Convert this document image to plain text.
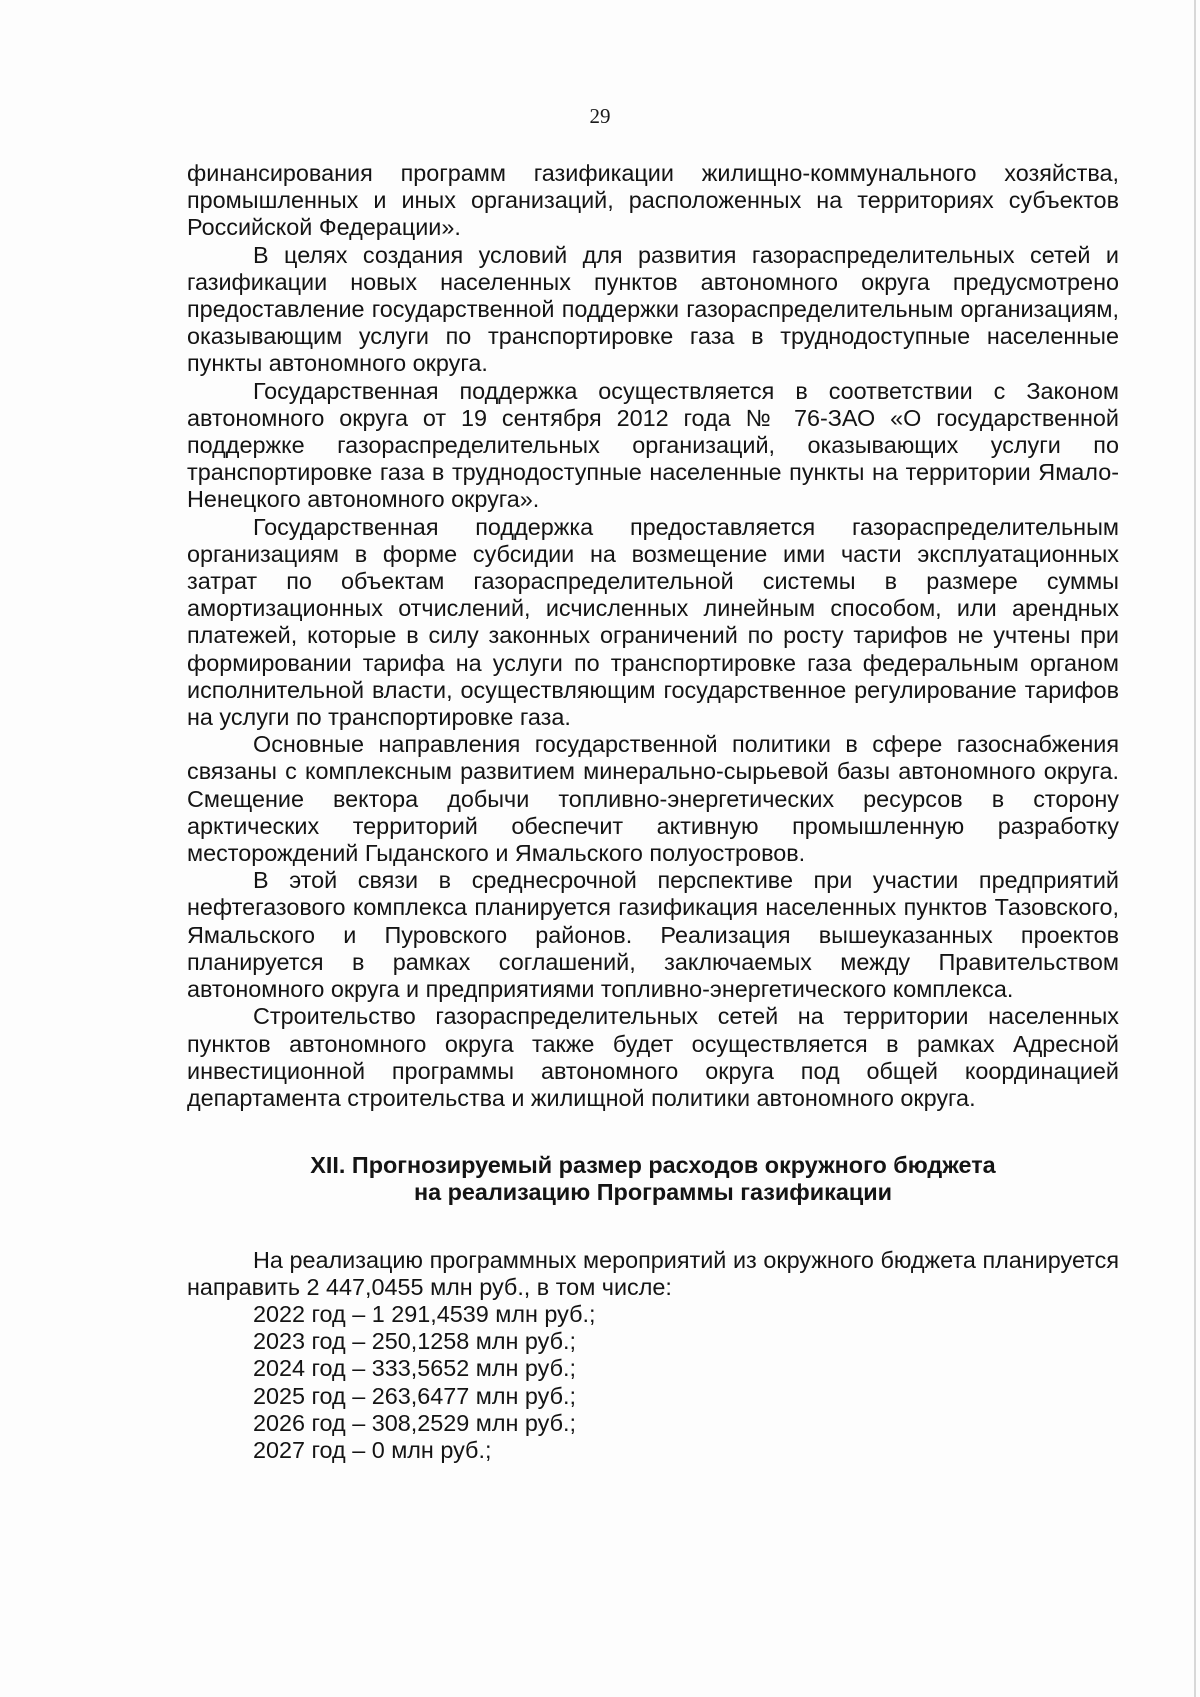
29

финансирования программ газификации жилищно-коммунального хозяйства, промышленных и иных организаций, расположенных на территориях субъектов Российской Федерации».

В целях создания условий для развития газораспределительных сетей и газификации новых населенных пунктов автономного округа предусмотрено предоставление государственной поддержки газораспределительным организациям, оказывающим услуги по транспортировке газа в труднодоступные населенные пункты автономного округа.

Государственная поддержка осуществляется в соответствии с Законом автономного округа от 19 сентября 2012 года № 76-ЗАО «О государственной поддержке газораспределительных организаций, оказывающих услуги по транспортировке газа в труднодоступные населенные пункты на территории Ямало-Ненецкого автономного округа».

Государственная поддержка предоставляется газораспределительным организациям в форме субсидии на возмещение ими части эксплуатационных затрат по объектам газораспределительной системы в размере суммы амортизационных отчислений, исчисленных линейным способом, или арендных платежей, которые в силу законных ограничений по росту тарифов не учтены при формировании тарифа на услуги по транспортировке газа федеральным органом исполнительной власти, осуществляющим государственное регулирование тарифов на услуги по транспортировке газа.

Основные направления государственной политики в сфере газоснабжения связаны с комплексным развитием минерально-сырьевой базы автономного округа. Смещение вектора добычи топливно-энергетических ресурсов в сторону арктических территорий обеспечит активную промышленную разработку месторождений Гыданского и Ямальского полуостровов.

В этой связи в среднесрочной перспективе при участии предприятий нефтегазового комплекса планируется газификация населенных пунктов Тазовского, Ямальского и Пуровского районов. Реализация вышеуказанных проектов планируется в рамках соглашений, заключаемых между Правительством автономного округа и предприятиями топливно-энергетического комплекса.

Строительство газораспределительных сетей на территории населенных пунктов автономного округа также будет осуществляется в рамках Адресной инвестиционной программы автономного округа под общей координацией департамента строительства и жилищной политики автономного округа.

XII. Прогнозируемый размер расходов окружного бюджета
на реализацию Программы газификации

На реализацию программных мероприятий из окружного бюджета планируется направить 2 447,0455 млн руб., в том числе:

2022 год – 1 291,4539 млн руб.;
2023 год – 250,1258 млн руб.;
2024 год – 333,5652 млн руб.;
2025 год – 263,6477 млн руб.;
2026 год – 308,2529 млн руб.;
2027 год – 0 млн руб.;
